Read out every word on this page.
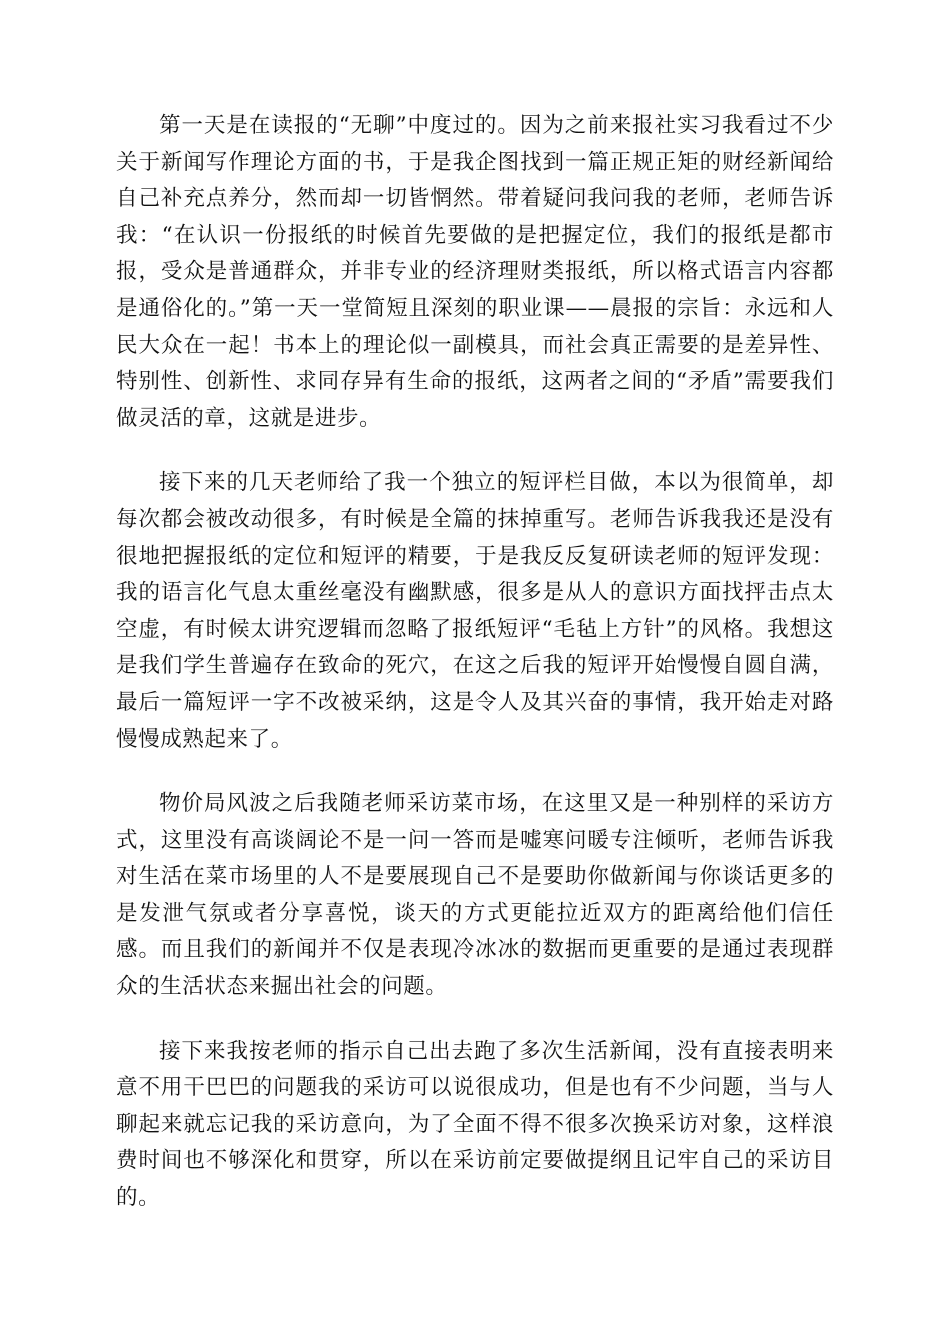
第一天是在读报的“无聊”中度过的。因为之前来报社实习我看过不少关于新闻写作理论方面的书，于是我企图找到一篇正规正矩的财经新闻给自己补充点养分，然而却一切皆惘然。带着疑问我问我的老师，老师告诉我：“在认识一份报纸的时候首先要做的是把握定位，我们的报纸是都市报，受众是普通群众，并非专业的经济理财类报纸，所以格式语言内容都是通俗化的。”第一天一堂简短且深刻的职业课——晨报的宗旨：永远和人民大众在一起！书本上的理论似一副模具，而社会真正需要的是差异性、特别性、创新性、求同存异有生命的报纸，这两者之间的“矛盾”需要我们做灵活的章，这就是进步。

接下来的几天老师给了我一个独立的短评栏目做，本以为很简单，却每次都会被改动很多，有时候是全篇的抹掉重写。老师告诉我我还是没有很地把握报纸的定位和短评的精要，于是我反反复研读老师的短评发现：我的语言化气息太重丝毫没有幽默感，很多是从人的意识方面找抨击点太空虚，有时候太讲究逻辑而忽略了报纸短评“毛毡上方针”的风格。我想这是我们学生普遍存在致命的死穴，在这之后我的短评开始慢慢自圆自满，最后一篇短评一字不改被采纳，这是令人及其兴奋的事情，我开始走对路慢慢成熟起来了。

物价局风波之后我随老师采访菜市场，在这里又是一种别样的采访方式，这里没有高谈阔论不是一问一答而是嘘寒问暖专注倾听，老师告诉我对生活在菜市场里的人不是要展现自己不是要助你做新闻与你谈话更多的是发泄气氛或者分享喜悦，谈天的方式更能拉近双方的距离给他们信任感。而且我们的新闻并不仅是表现冷冰冰的数据而更重要的是通过表现群众的生活状态来掘出社会的问题。

接下来我按老师的指示自己出去跑了多次生活新闻，没有直接表明来意不用干巴巴的问题我的采访可以说很成功，但是也有不少问题，当与人聊起来就忘记我的采访意向，为了全面不得不很多次换采访对象，这样浪费时间也不够深化和贯穿，所以在采访前定要做提纲且记牢自己的采访目的。
